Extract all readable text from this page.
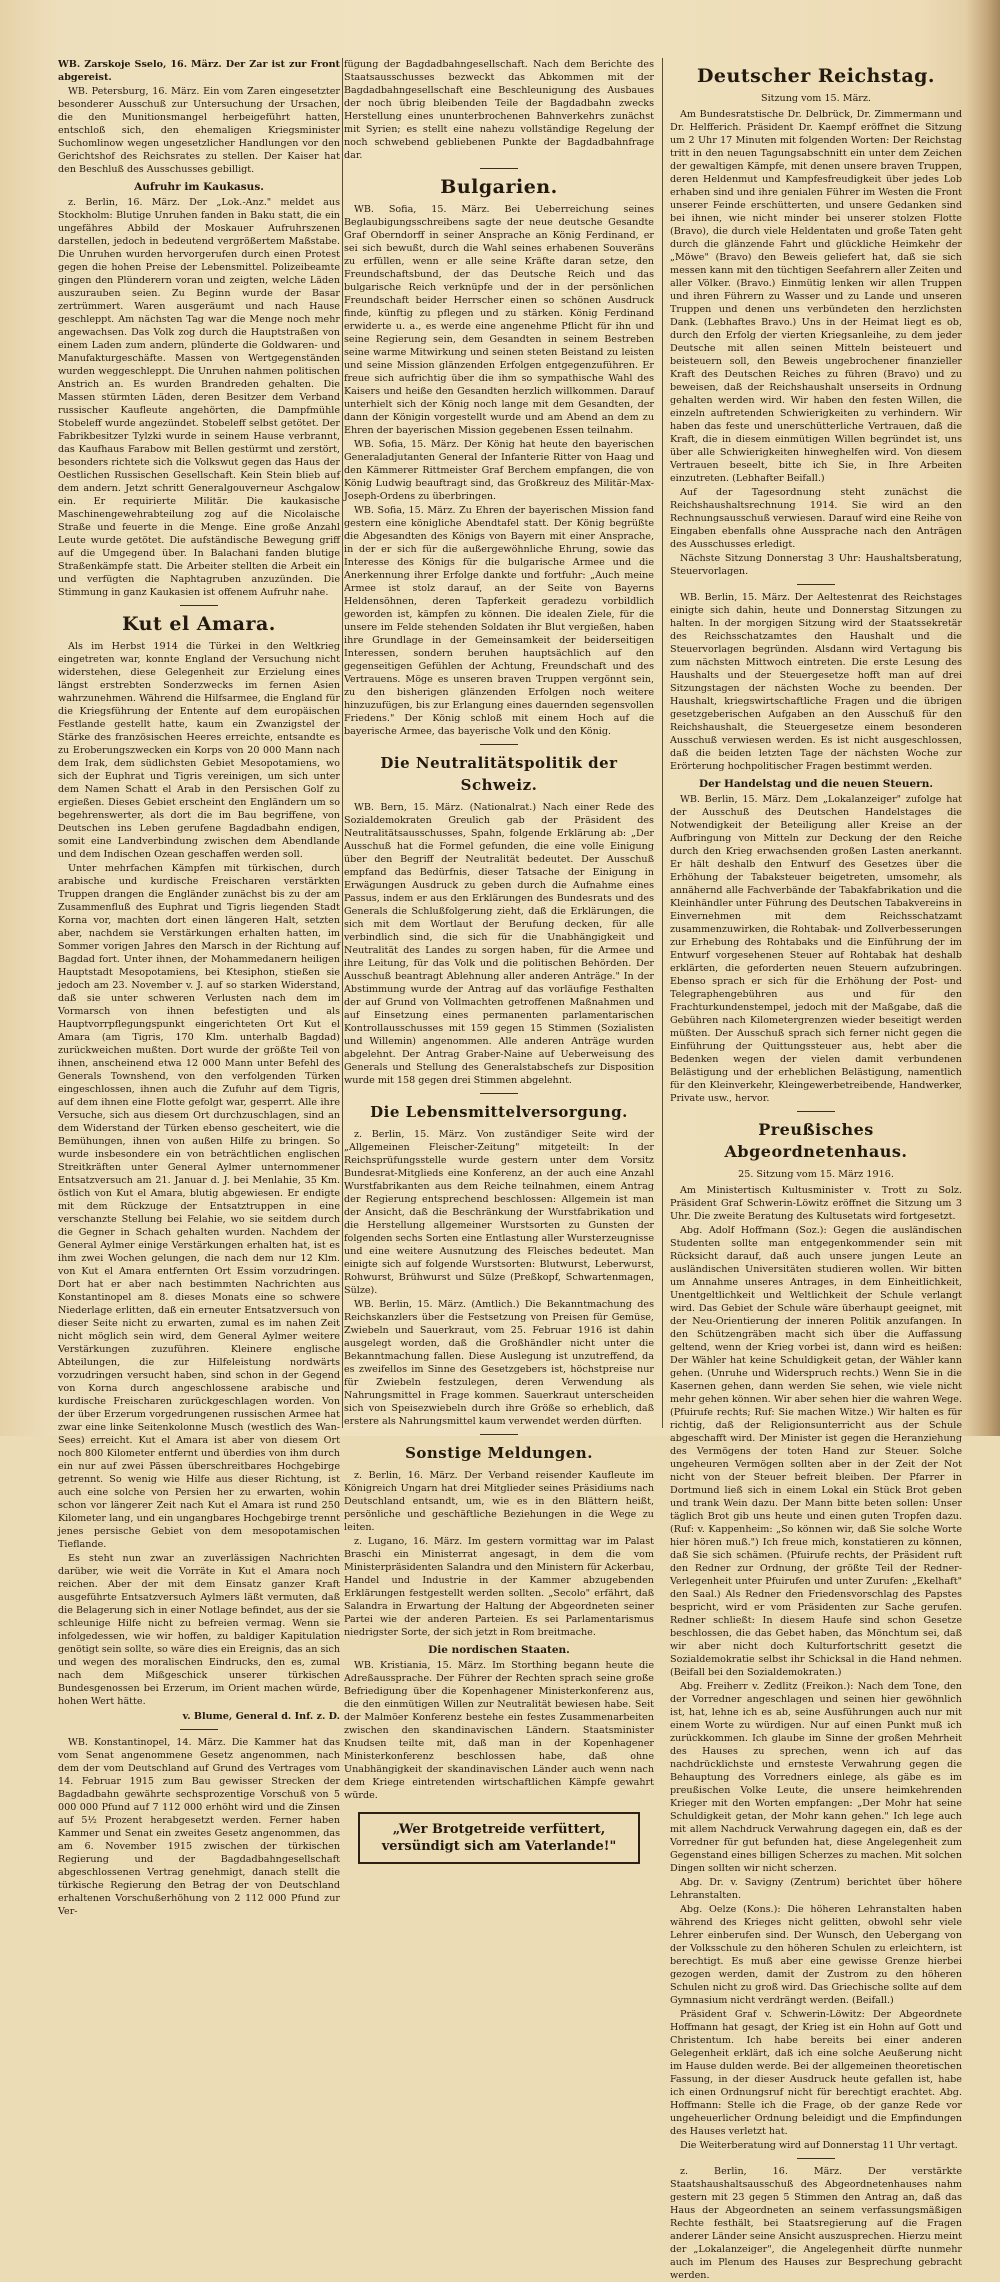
WB. Zarskoje Sselo, 16. März. Der Zar ist zur Front abgereist.

WB. Petersburg, 16. März. Ein vom Zaren eingesetzter besonderer Ausschuß zur Untersuchung der Ursachen, die den Munitionsmangel herbeigeführt hatten, entschloß sich, den ehemaligen Kriegsminister Suchomlinow wegen ungesetzlicher Handlungen vor den Gerichtshof des Reichsrates zu stellen. Der Kaiser hat den Beschluß des Ausschusses gebilligt.

Aufruhr im Kaukasus.

z. Berlin, 16. März. Der „Lok.-Anz." meldet aus Stockholm: Blutige Unruhen fanden in Baku statt, die ein ungefähres Abbild der Moskauer Aufruhrszenen darstellen, jedoch in bedeutend vergrößertem Maßstabe. Die Unruhen wurden hervorgerufen durch einen Protest gegen die hohen Preise der Lebensmittel. Polizeibeamte gingen den Plünderern voran und zeigten, welche Läden auszurauben seien. Zu Beginn wurde der Basar zertrümmert. Waren ausgeräumt und nach Hause geschleppt. Am nächsten Tag war die Menge noch mehr angewachsen. Das Volk zog durch die Hauptstraßen von einem Laden zum andern, plünderte die Goldwaren- und Manufakturgeschäfte. Massen von Wertgegenständen wurden weggeschleppt. Die Unruhen nahmen politischen Anstrich an. Es wurden Brandreden gehalten. Die Massen stürmten Läden, deren Besitzer dem Verband russischer Kaufleute angehörten, die Dampfmühle Stobeleff wurde angezündet. Stobeleff selbst getötet. Der Fabrikbesitzer Tylzki wurde in seinem Hause verbrannt, das Kaufhaus Farabow mit Bellen gestürmt und zerstört, besonders richtete sich die Volkswut gegen das Haus der Oestlichen Russischen Gesellschaft. Kein Stein blieb auf dem andern. Jetzt schritt Generalgouverneur Aschgalow ein. Er requirierte Militär. Die kaukasische Maschinengewehrabteilung zog auf die Nicolaische Straße und feuerte in die Menge. Eine große Anzahl Leute wurde getötet. Die aufständische Bewegung griff auf die Umgegend über. In Balachani fanden blutige Straßenkämpfe statt. Die Arbeiter stellten die Arbeit ein und verfügten die Naphtagruben anzuzünden. Die Stimmung in ganz Kaukasien ist offenem Aufruhr nahe.

Kut el Amara.

Als im Herbst 1914 die Türkei in den Weltkrieg eingetreten war, konnte England der Versuchung nicht widerstehen, diese Gelegenheit zur Erzielung eines längst erstrebten Sonderzwecks im fernen Asien wahrzunehmen. Während die Hilfsarmee, die England für die Kriegsführung der Entente auf dem europäischen Festlande gestellt hatte, kaum ein Zwanzigstel der Stärke des französischen Heeres erreichte, entsandte es zu Eroberungszwecken ein Korps von 20 000 Mann nach dem Irak, dem südlichsten Gebiet Mesopotamiens, wo sich der Euphrat und Tigris vereinigen, um sich unter dem Namen Schatt el Arab in den Persischen Golf zu ergießen. Dieses Gebiet erscheint den Engländern um so begehrenswerter, als dort die im Bau begriffene, von Deutschen ins Leben gerufene Bagdadbahn endigen, somit eine Landverbindung zwischen dem Abendlande und dem Indischen Ozean geschaffen werden soll.

Unter mehrfachen Kämpfen mit türkischen, durch arabische und kurdische Freischaren verstärkten Truppen drangen die Engländer zunächst bis zu der am Zusammenfluß des Euphrat und Tigris liegenden Stadt Korna vor, machten dort einen längeren Halt, setzten aber, nachdem sie Verstärkungen erhalten hatten, im Sommer vorigen Jahres den Marsch in der Richtung auf Bagdad fort. Unter ihnen, der Mohammedanern heiligen Hauptstadt Mesopotamiens, bei Ktesiphon, stießen sie jedoch am 23. November v. J. auf so starken Widerstand, daß sie unter schweren Verlusten nach dem im Vormarsch von ihnen befestigten und als Hauptvorrpflegungspunkt eingerichteten Ort Kut el Amara (am Tigris, 170 Klm. unterhalb Bagdad) zurückweichen mußten. Dort wurde der größte Teil von ihnen, anscheinend etwa 12 000 Mann unter Befehl des Generals Townshend, von den verfolgenden Türken eingeschlossen, ihnen auch die Zufuhr auf dem Tigris, auf dem ihnen eine Flotte gefolgt war, gesperrt. Alle ihre Versuche, sich aus diesem Ort durchzuschlagen, sind an dem Widerstand der Türken ebenso gescheitert, wie die Bemühungen, ihnen von außen Hilfe zu bringen. So wurde insbesondere ein von beträchtlichen englischen Streitkräften unter General Aylmer unternommener Entsatzversuch am 21. Januar d. J. bei Menlahie, 35 Km. östlich von Kut el Amara, blutig abgewiesen. Er endigte mit dem Rückzuge der Entsatztruppen in eine verschanzte Stellung bei Felahie, wo sie seitdem durch die Gegner in Schach gehalten wurden. Nachdem der General Aylmer einige Verstärkungen erhalten hat, ist es ihm zwei Wochen gelungen, die nach dem nur 12 Klm. von Kut el Amara entfernten Ort Essim vorzudringen. Dort hat er aber nach bestimmten Nachrichten aus Konstantinopel am 8. dieses Monats eine so schwere Niederlage erlitten, daß ein erneuter Entsatzversuch von dieser Seite nicht zu erwarten, zumal es im nahen Zeit nicht möglich sein wird, dem General Aylmer weitere Verstärkungen zuzuführen. Kleinere englische Abteilungen, die zur Hilfeleistung nordwärts vorzudringen versucht haben, sind schon in der Gegend von Korna durch angeschlossene arabische und kurdische Freischaren zurückgeschlagen worden. Von der über Erzerum vorgedrungenen russischen Armee hat zwar eine linke Seitenkolonne Musch (westlich des Wan-Sees) erreicht. Kut el Amara ist aber von diesem Ort noch 800 Kilometer entfernt und überdies von ihm durch ein nur auf zwei Pässen überschreitbares Hochgebirge getrennt. So wenig wie Hilfe aus dieser Richtung, ist auch eine solche von Persien her zu erwarten, wohin schon vor längerer Zeit nach Kut el Amara ist rund 250 Kilometer lang, und ein ungangbares Hochgebirge trennt jenes persische Gebiet von dem mesopotamischen Tieflande.

Es steht nun zwar an zuverlässigen Nachrichten darüber, wie weit die Vorräte in Kut el Amara noch reichen. Aber der mit dem Einsatz ganzer Kraft ausgeführte Entsatzversuch Aylmers läßt vermuten, daß die Belagerung sich in einer Notlage befindet, aus der sie schleunige Hilfe nicht zu befreien vermag. Wenn sie infolgedessen, wie wir hoffen, zu baldiger Kapitulation genötigt sein sollte, so wäre dies ein Ereignis, das an sich und wegen des moralischen Eindrucks, den es, zumal nach dem Mißgeschick unserer türkischen Bundesgenossen bei Erzerum, im Orient machen würde, hohen Wert hätte.

v. Blume, General d. Inf. z. D.

WB. Konstantinopel, 14. März. Die Kammer hat das vom Senat angenommene Gesetz angenommen, nach dem der vom Deutschland auf Grund des Vertrages vom 14. Februar 1915 zum Bau gewisser Strecken der Bagdadbahn gewährte sechsprozentige Vorschuß von 5 000 000 Pfund auf 7 112 000 erhöht wird und die Zinsen auf 5½ Prozent herabgesetzt werden. Ferner haben Kammer und Senat ein zweites Gesetz angenommen, das am 6. November 1915 zwischen der türkischen Regierung und der Bagdadbahngesellschaft abgeschlossenen Vertrag genehmigt, danach stellt die türkische Regierung den Betrag der von Deutschland erhaltenen Vorschußerhöhung von 2 112 000 Pfund zur Ver-

fügung der Bagdadbahngesellschaft. Nach dem Berichte des Staatsausschusses bezweckt das Abkommen mit der Bagdadbahngesellschaft eine Beschleunigung des Ausbaues der noch übrig bleibenden Teile der Bagdadbahn zwecks Herstellung eines ununterbrochenen Bahnverkehrs zunächst mit Syrien; es stellt eine nahezu vollständige Regelung der noch schwebend gebliebenen Punkte der Bagdadbahnfrage dar.

Bulgarien.

WB. Sofia, 15. März. Bei Ueberreichung seines Beglaubigungsschreibens sagte der neue deutsche Gesandte Graf Oberndorff in seiner Ansprache an König Ferdinand, er sei sich bewußt, durch die Wahl seines erhabenen Souveräns zu erfüllen, wenn er alle seine Kräfte daran setze, den Freundschaftsbund, der das Deutsche Reich und das bulgarische Reich verknüpfe und der in der persönlichen Freundschaft beider Herrscher einen so schönen Ausdruck finde, künftig zu pflegen und zu stärken. König Ferdinand erwiderte u. a., es werde eine angenehme Pflicht für ihn und seine Regierung sein, dem Gesandten in seinem Bestreben seine warme Mitwirkung und seinen steten Beistand zu leisten und seine Mission glänzenden Erfolgen entgegenzuführen. Er freue sich aufrichtig über die ihm so sympathische Wahl des Kaisers und heiße den Gesandten herzlich willkommen. Darauf unterhielt sich der König noch lange mit dem Gesandten, der dann der Königin vorgestellt wurde und am Abend an dem zu Ehren der bayerischen Mission gegebenen Essen teilnahm.

WB. Sofia, 15. März. Der König hat heute den bayerischen Generaladjutanten General der Infanterie Ritter von Haag und den Kämmerer Rittmeister Graf Berchem empfangen, die von König Ludwig beauftragt sind, das Großkreuz des Militär-Max-Joseph-Ordens zu überbringen.

WB. Sofia, 15. März. Zu Ehren der bayerischen Mission fand gestern eine königliche Abendtafel statt. Der König begrüßte die Abgesandten des Königs von Bayern mit einer Ansprache, in der er sich für die außergewöhnliche Ehrung, sowie das Interesse des Königs für die bulgarische Armee und die Anerkennung ihrer Erfolge dankte und fortfuhr: „Auch meine Armee ist stolz darauf, an der Seite von Bayerns Heldensöhnen, deren Tapferkeit geradezu vorbildlich geworden ist, kämpfen zu können. Die idealen Ziele, für die unsere im Felde stehenden Soldaten ihr Blut vergießen, haben ihre Grundlage in der Gemeinsamkeit der beiderseitigen Interessen, sondern beruhen hauptsächlich auf den gegenseitigen Gefühlen der Achtung, Freundschaft und des Vertrauens. Möge es unseren braven Truppen vergönnt sein, zu den bisherigen glänzenden Erfolgen noch weitere hinzuzufügen, bis zur Erlangung eines dauernden segensvollen Friedens." Der König schloß mit einem Hoch auf die bayerische Armee, das bayerische Volk und den König.

Die Neutralitätspolitik der Schweiz.

WB. Bern, 15. März. (Nationalrat.) Nach einer Rede des Sozialdemokraten Greulich gab der Präsident des Neutralitätsausschusses, Spahn, folgende Erklärung ab: „Der Ausschuß hat die Formel gefunden, die eine volle Einigung über den Begriff der Neutralität bedeutet. Der Ausschuß empfand das Bedürfnis, dieser Tatsache der Einigung in Erwägungen Ausdruck zu geben durch die Aufnahme eines Passus, indem er aus den Erklärungen des Bundesrats und des Generals die Schlußfolgerung zieht, daß die Erklärungen, die sich mit dem Wortlaut der Berufung decken, für alle verbindlich sind, die sich für die Unabhängigkeit und Neutralität des Landes zu sorgen haben, für die Armee und ihre Leitung, für das Volk und die politischen Behörden. Der Ausschuß beantragt Ablehnung aller anderen Anträge." In der Abstimmung wurde der Antrag auf das vorläufige Festhalten der auf Grund von Vollmachten getroffenen Maßnahmen und auf Einsetzung eines permanenten parlamentarischen Kontrollausschusses mit 159 gegen 15 Stimmen (Sozialisten und Willemin) angenommen. Alle anderen Anträge wurden abgelehnt. Der Antrag Graber-Naine auf Ueberweisung des Generals und Stellung des Generalstabschefs zur Disposition wurde mit 158 gegen drei Stimmen abgelehnt.

Die Lebensmittelversorgung.

z. Berlin, 15. März. Von zuständiger Seite wird der „Allgemeinen Fleischer-Zeitung" mitgeteilt: In der Reichsprüfungsstelle wurde gestern unter dem Vorsitz Bundesrat-Mitglieds eine Konferenz, an der auch eine Anzahl Wurstfabrikanten aus dem Reiche teilnahmen, einem Antrag der Regierung entsprechend beschlossen: Allgemein ist man der Ansicht, daß die Beschränkung der Wurstfabrikation und die Herstellung allgemeiner Wurstsorten zu Gunsten der folgenden sechs Sorten eine Entlastung aller Wursterzeugnisse und eine weitere Ausnutzung des Fleisches bedeutet. Man einigte sich auf folgende Wurstsorten: Blutwurst, Leberwurst, Rohwurst, Brühwurst und Sülze (Preßkopf, Schwartenmagen, Sülze).

WB. Berlin, 15. März. (Amtlich.) Die Bekanntmachung des Reichskanzlers über die Festsetzung von Preisen für Gemüse, Zwiebeln und Sauerkraut, vom 25. Februar 1916 ist dahin ausgelegt worden, daß die Großhändler nicht unter die Bekanntmachung fallen. Diese Auslegung ist unzutreffend, da es zweifellos im Sinne des Gesetzgebers ist, höchstpreise nur für Zwiebeln festzulegen, deren Verwendung als Nahrungsmittel in Frage kommen. Sauerkraut unterscheiden sich von Speisezwiebeln durch ihre Größe so erheblich, daß erstere als Nahrungsmittel kaum verwendet werden dürften.

Sonstige Meldungen.

z. Berlin, 16. März. Der Verband reisender Kaufleute im Königreich Ungarn hat drei Mitglieder seines Präsidiums nach Deutschland entsandt, um, wie es in den Blättern heißt, persönliche und geschäftliche Beziehungen in die Wege zu leiten.

z. Lugano, 16. März. Im gestern vormittag war im Palast Braschi ein Ministerrat angesagt, in dem die vom Ministerpräsidenten Salandra und den Ministern für Ackerbau, Handel und Industrie in der Kammer abzugebenden Erklärungen festgestellt werden sollten. „Secolo" erfährt, daß Salandra in Erwartung der Haltung der Abgeordneten seiner Partei wie der anderen Parteien. Es sei Parlamentarismus niedrigster Sorte, der sich jetzt in Rom breitmache.

Die nordischen Staaten.

WB. Kristiania, 15. März. Im Storthing begann heute die Adreßaussprache. Der Führer der Rechten sprach seine große Befriedigung über die Kopenhagener Ministerkonferenz aus, die den einmütigen Willen zur Neutralität bewiesen habe. Seit der Malmöer Konferenz bestehe ein festes Zusammenarbeiten zwischen den skandinavischen Ländern. Staatsminister Knudsen teilte mit, daß man in der Kopenhagener Ministerkonferenz beschlossen habe, daß ohne Unabhängigkeit der skandinavischen Länder auch wenn nach dem Kriege eintretenden wirtschaftlichen Kämpfe gewahrt würde.

„Wer Brotgetreide verfüttert, versündigt sich am Vaterlande!"
Deutscher Reichstag.
Sitzung vom 15. März.

Am Bundesratstische Dr. Delbrück, Dr. Zimmermann und Dr. Helfferich. Präsident Dr. Kaempf eröffnet die Sitzung um 2 Uhr 17 Minuten mit folgenden Worten: Der Reichstag tritt in den neuen Tagungsabschnitt ein unter dem Zeichen der gewaltigen Kämpfe, mit denen unsere braven Truppen, deren Heldenmut und Kampfesfreudigkeit über jedes Lob erhaben sind und ihre genialen Führer im Westen die Front unserer Feinde erschütterten, und unsere Gedanken sind bei ihnen, wie nicht minder bei unserer stolzen Flotte (Bravo), die durch viele Heldentaten und große Taten geht durch die glänzende Fahrt und glückliche Heimkehr der „Möwe" (Bravo) den Beweis geliefert hat, daß sie sich messen kann mit den tüchtigen Seefahrern aller Zeiten und aller Völker. (Bravo.) Einmütig lenken wir allen Truppen und ihren Führern zu Wasser und zu Lande und unseren Truppen und denen uns verbündeten den herzlichsten Dank. (Lebhaftes Bravo.) Uns in der Heimat liegt es ob, durch den Erfolg der vierten Kriegsanleihe, zu dem jeder Deutsche mit allen seinen Mitteln beisteuert und beisteuern soll, den Beweis ungebrochener finanzieller Kraft des Deutschen Reiches zu führen (Bravo) und zu beweisen, daß der Reichshaushalt unserseits in Ordnung gehalten werden wird. Wir haben den festen Willen, die einzeln auftretenden Schwierigkeiten zu verhindern. Wir haben das feste und unerschütterliche Vertrauen, daß die Kraft, die in diesem einmütigen Willen begründet ist, uns über alle Schwierigkeiten hinweghelfen wird. Von diesem Vertrauen beseelt, bitte ich Sie, in Ihre Arbeiten einzutreten. (Lebhafter Beifall.)

Auf der Tagesordnung steht zunächst die Reichshaushaltsrechnung 1914. Sie wird an den Rechnungsausschuß verwiesen. Darauf wird eine Reihe von Eingaben ebenfalls ohne Aussprache nach den Anträgen des Ausschusses erledigt.

Nächste Sitzung Donnerstag 3 Uhr: Haushaltsberatung, Steuervorlagen.

WB. Berlin, 15. März. Der Aeltestenrat des Reichstages einigte sich dahin, heute und Donnerstag Sitzungen zu halten. In der morgigen Sitzung wird der Staatssekretär des Reichsschatzamtes den Haushalt und die Steuervorlagen begründen. Alsdann wird Vertagung bis zum nächsten Mittwoch eintreten. Die erste Lesung des Haushalts und der Steuergesetze hofft man auf drei Sitzungstagen der nächsten Woche zu beenden. Der Haushalt, kriegswirtschaftliche Fragen und die übrigen gesetzgeberischen Aufgaben an den Ausschuß für den Reichshaushalt, die Steuergesetze einem besonderen Ausschuß verwiesen werden. Es ist nicht ausgeschlossen, daß die beiden letzten Tage der nächsten Woche zur Erörterung hochpolitischer Fragen bestimmt werden.

Der Handelstag und die neuen Steuern.

WB. Berlin, 15. März. Dem „Lokalanzeiger" zufolge hat der Ausschuß des Deutschen Handelstages die Notwendigkeit der Beteiligung aller Kreise an der Aufbringung von Mitteln zur Deckung der den Reiche durch den Krieg erwachsenden großen Lasten anerkannt. Er hält deshalb den Entwurf des Gesetzes über die Erhöhung der Tabaksteuer beigetreten, umsomehr, als annähernd alle Fachverbände der Tabakfabrikation und die Kleinhändler unter Führung des Deutschen Tabakvereins in Einvernehmen mit dem Reichsschatzamt zusammenzuwirken, die Rohtabak- und Zollverbesserungen zur Erhebung des Rohtabaks und die Einführung der im Entwurf vorgesehenen Steuer auf Rohtabak hat deshalb erklärten, die geforderten neuen Steuern aufzubringen. Ebenso sprach er sich für die Erhöhung der Post- und Telegraphengebühren aus und für den Frachturkundenstempel, jedoch mit der Maßgabe, daß die Gebühren nach Kilometergrenzen wieder beseitigt werden müßten. Der Ausschuß sprach sich ferner nicht gegen die Einführung der Quittungssteuer aus, hebt aber die Bedenken wegen der vielen damit verbundenen Belästigung und der erheblichen Belästigung, namentlich für den Kleinverkehr, Kleingewerbetreibende, Handwerker, Private usw., hervor.

Preußisches Abgeordnetenhaus.
25. Sitzung vom 15. März 1916.

Am Ministertisch Kultusminister v. Trott zu Solz. Präsident Graf Schwerin-Löwitz eröffnet die Sitzung um 3 Uhr. Die zweite Beratung des Kultusetats wird fortgesetzt.

Abg. Adolf Hoffmann (Soz.): Gegen die ausländischen Studenten sollte man entgegenkommender sein mit Rücksicht darauf, daß auch unsere jungen Leute an ausländischen Universitäten studieren wollen. Wir bitten um Annahme unseres Antrages, in dem Einheitlichkeit, Unentgeltlichkeit und Weltlichkeit der Schule verlangt wird. Das Gebiet der Schule wäre überhaupt geeignet, mit der Neu-Orientierung der inneren Politik anzufangen. In den Schützengräben macht sich über die Auffassung geltend, wenn der Krieg vorbei ist, dann wird es heißen: Der Wähler hat keine Schuldigkeit getan, der Wähler kann gehen. (Unruhe und Widerspruch rechts.) Wenn Sie in die Kasernen gehen, dann werden Sie sehen, wie viele nicht mehr gehen können. Wir aber sehen hier die wahren Wege. (Pfuirufe rechts; Ruf: Sie machen Witze.) Wir halten es für richtig, daß der Religionsunterricht aus der Schule abgeschafft wird. Der Minister ist gegen die Heranziehung des Vermögens der toten Hand zur Steuer. Solche ungeheuren Vermögen sollten aber in der Zeit der Not nicht von der Steuer befreit bleiben. Der Pfarrer in Dortmund ließ sich in einem Lokal ein Stück Brot geben und trank Wein dazu. Der Mann bitte beten sollen: Unser täglich Brot gib uns heute und einen guten Tropfen dazu. (Ruf: v. Kappenheim: „So können wir, daß Sie solche Worte hier hören muß.") Ich freue mich, konstatieren zu können, daß Sie sich schämen. (Pfuirufe rechts, der Präsident ruft den Redner zur Ordnung, der größte Teil der Redner-Verlegenheit unter Pfuirufen und unter Zurufen: „Ekelhaft" den Saal.) Als Redner den Friedensvorschlag des Papstes bespricht, wird er vom Präsidenten zur Sache gerufen. Redner schließt: In diesem Haufe sind schon Gesetze beschlossen, die das Gebet haben, das Mönchtum sei, daß wir aber nicht doch Kulturfortschritt gesetzt die Sozialdemokratie selbst ihr Schicksal in die Hand nehmen. (Beifall bei den Sozialdemokraten.)

Abg. Freiherr v. Zedlitz (Freikon.): Nach dem Tone, den der Vorredner angeschlagen und seinen hier gewöhnlich ist, hat, lehne ich es ab, seine Ausführungen auch nur mit einem Worte zu würdigen. Nur auf einen Punkt muß ich zurückkommen. Ich glaube im Sinne der großen Mehrheit des Hauses zu sprechen, wenn ich auf das nachdrücklichste und ernsteste Verwahrung gegen die Behauptung des Vorredners einlege, als gäbe es im preußischen Volke Leute, die unsere heimkehrenden Krieger mit den Worten empfangen: „Der Mohr hat seine Schuldigkeit getan, der Mohr kann gehen." Ich lege auch mit allem Nachdruck Verwahrung dagegen ein, daß es der Vorredner für gut befunden hat, diese Angelegenheit zum Gegenstand eines billigen Scherzes zu machen. Mit solchen Dingen sollten wir nicht scherzen.

Abg. Dr. v. Savigny (Zentrum) berichtet über höhere Lehranstalten.

Abg. Oelze (Kons.): Die höheren Lehranstalten haben während des Krieges nicht gelitten, obwohl sehr viele Lehrer einberufen sind. Der Wunsch, den Uebergang von der Volksschule zu den höheren Schulen zu erleichtern, ist berechtigt. Es muß aber eine gewisse Grenze hierbei gezogen werden, damit der Zustrom zu den höheren Schulen nicht zu groß wird. Das Griechische sollte auf dem Gymnasium nicht verdrängt werden. (Beifall.)

Präsident Graf v. Schwerin-Löwitz: Der Abgeordnete Hoffmann hat gesagt, der Krieg ist ein Hohn auf Gott und Christentum. Ich habe bereits bei einer anderen Gelegenheit erklärt, daß ich eine solche Aeußerung nicht im Hause dulden werde. Bei der allgemeinen theoretischen Fassung, in der dieser Ausdruck heute gefallen ist, habe ich einen Ordnungsruf nicht für berechtigt erachtet. Abg. Hoffmann: Stelle ich die Frage, ob der ganze Rede vor ungeheuerlicher Ordnung beleidigt und die Empfindungen des Hauses verletzt hat.

Die Weiterberatung wird auf Donnerstag 11 Uhr vertagt.

z. Berlin, 16. März. Der verstärkte Staatshaushaltsausschuß des Abgeordnetenhauses nahm gestern mit 23 gegen 5 Stimmen den Antrag an, daß das Haus der Abgeordneten an seinem verfassungsmäßigen Rechte festhält, bei Staatsregierung auf die Fragen anderer Länder seine Ansicht auszusprechen. Hierzu meint der „Lokalanzeiger", die Angelegenheit dürfte nunmehr auch im Plenum des Hauses zur Besprechung gebracht werden.
